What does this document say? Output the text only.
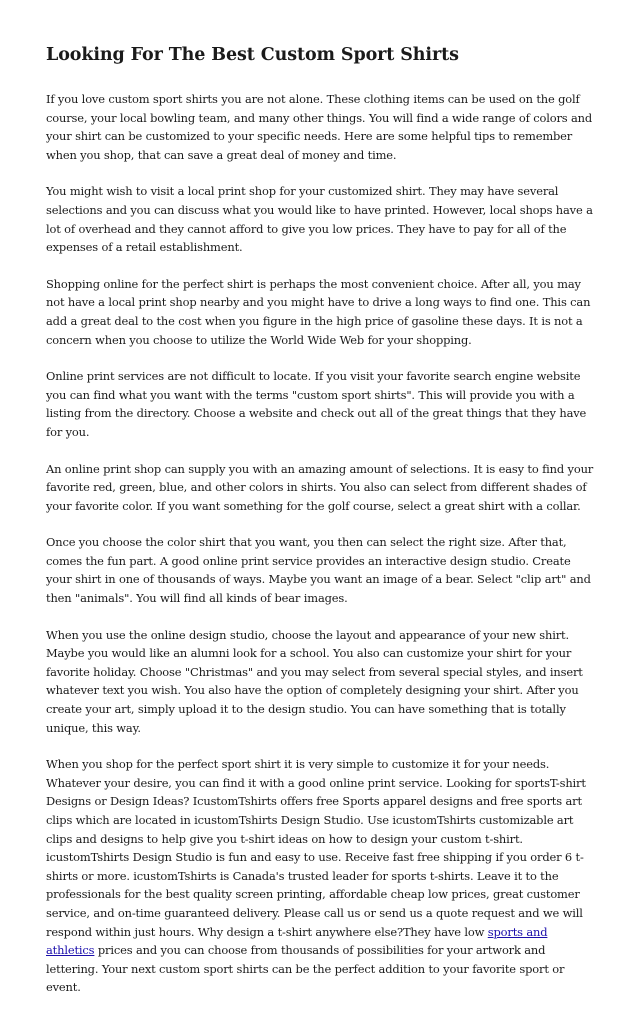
Looking For The Best Custom Sport Shirts

If you love custom sport shirts you are not alone. These clothing items can be used on the golf course, your local bowling team, and many other things. You will find a wide range of colors and your shirt can be customized to your specific needs. Here are some helpful tips to remember when you shop, that can save a great deal of money and time.

You might wish to visit a local print shop for your customized shirt. They may have several selections and you can discuss what you would like to have printed. However, local shops have a lot of overhead and they cannot afford to give you low prices. They have to pay for all of the expenses of a retail establishment.

Shopping online for the perfect shirt is perhaps the most convenient choice. After all, you may not have a local print shop nearby and you might have to drive a long ways to find one. This can add a great deal to the cost when you figure in the high price of gasoline these days. It is not a concern when you choose to utilize the World Wide Web for your shopping.

Online print services are not difficult to locate. If you visit your favorite search engine website you can find what you want with the terms "custom sport shirts". This will provide you with a listing from the directory. Choose a website and check out all of the great things that they have for you.

An online print shop can supply you with an amazing amount of selections. It is easy to find your favorite red, green, blue, and other colors in shirts. You also can select from different shades of your favorite color. If you want something for the golf course, select a great shirt with a collar.

Once you choose the color shirt that you want, you then can select the right size. After that, comes the fun part. A good online print service provides an interactive design studio. Create your shirt in one of thousands of ways. Maybe you want an image of a bear. Select "clip art" and then "animals". You will find all kinds of bear images.

When you use the online design studio, choose the layout and appearance of your new shirt. Maybe you would like an alumni look for a school. You also can customize your shirt for your favorite holiday. Choose "Christmas" and you may select from several special styles, and insert whatever text you wish. You also have the option of completely designing your shirt. After you create your art, simply upload it to the design studio. You can have something that is totally unique, this way.

When you shop for the perfect sport shirt it is very simple to customize it for your needs. Whatever your desire, you can find it with a good online print service. Looking for sportsT-shirt Designs or Design Ideas? IcustomTshirts offers free Sports apparel designs and free sports art clips which are located in icustomTshirts Design Studio. Use icustomTshirts customizable art clips and designs to help give you t-shirt ideas on how to design your custom t-shirt. icustomTshirts Design Studio is fun and easy to use. Receive fast free shipping if you order 6 t-shirts or more. icustomTshirts is Canada's trusted leader for sports t-shirts. Leave it to the professionals for the best quality screen printing, affordable cheap low prices, great customer service, and on-time guaranteed delivery. Please call us or send us a quote request and we will respond within just hours. Why design a t-shirt anywhere else?They have low sports and athletics prices and you can choose from thousands of possibilities for your artwork and lettering. Your next custom sport shirts can be the perfect addition to your favorite sport or event.
